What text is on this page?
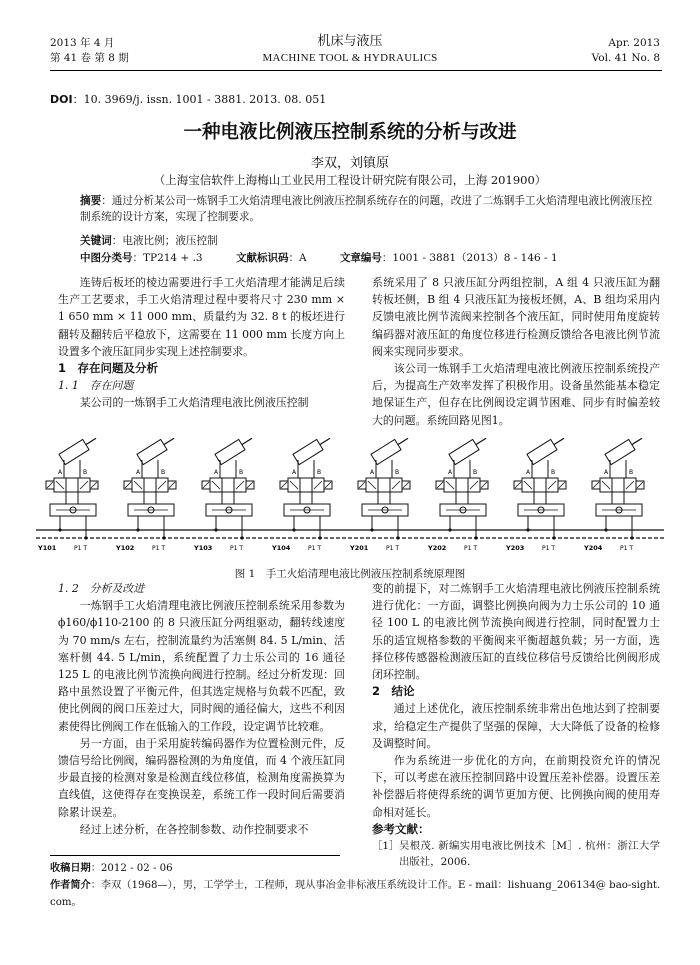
2013 年 4 月
第 41 卷 第 8 期
机床与液压
MACHINE TOOL & HYDRAULICS
Apr. 2013
Vol. 41 No. 8
DOI：10. 3969/j. issn. 1001 - 3881. 2013. 08. 051
一种电液比例液压控制系统的分析与改进
李双，刘镇原
（上海宝信软件上海梅山工业民用工程设计研究院有限公司，上海 201900）
摘要：通过分析某公司一炼钢手工火焰清理电液比例液压控制系统存在的问题，改进了二炼钢手工火焰清理电液比例液压控制系统的设计方案，实现了控制要求。
关键词：电液比例；液压控制
中图分类号：TP214 + .3	文献标识码：A	文章编号：1001 - 3881（2013）8 - 146 - 1

连铸后板坯的棱边需要进行手工火焰清理才能满足后续生产工艺要求，手工火焰清理过程中要将尺寸 230 mm × 1 650 mm × 11 000 mm、质量约为 32. 8 t 的板坯进行翻转及翻转后平稳放下，这需要在 11 000 mm 长度方向上设置多个液压缸同步实现上述控制要求。

1　存在问题及分析

1. 1　存在问题

某公司的一炼钢手工火焰清理电液比例液压控制

系统采用了 8 只液压缸分两组控制，A 组 4 只液压缸为翻转板坯侧，B 组 4 只液压缸为接板坯侧，A、B 组均采用内反馈电液比例节流阀来控制各个液压缸，同时使用角度旋转编码器对液压缸的角度位移进行检测反馈给各电液比例节流阀来实现同步要求。

该公司一炼钢手工火焰清理电液比例液压控制系统投产后，为提高生产效率发挥了积极作用。设备虽然能基本稳定地保证生产，但存在比例阀设定调节困难、同步有时偏差较大的问题。系统回路见图1。

A	B
Y101	P1 T
A	B
Y102	P1 T
A	B
Y103	P1 T
A	B
Y104	P1 T
A	B
Y201	P1 T
A	B
Y202	P1 T
A	B
Y203	P1 T
A	B
Y204	P1 T
图 1　手工火焰清理电液比例液压控制系统原理图

1. 2　分析及改进

一炼钢手工火焰清理电液比例液压控制系统采用参数为 ϕ160/ϕ110-2100 的 8 只液压缸分两组驱动，翻转线速度为 70 mm/s 左右，控制流量约为活塞侧 84. 5 L/min、活塞杆侧 44. 5 L/min，系统配置了力士乐公司的 16 通径 125 L 的电液比例节流换向阀进行控制。经过分析发现：回路中虽然设置了平衡元件，但其选定规格与负载不匹配，致使比例阀的阀口压差过大，同时阀的通径偏大，这些不利因素使得比例阀工作在低输入的工作段，设定调节比较难。

另一方面，由于采用旋转编码器作为位置检测元件，反馈信号给比例阀，编码器检测的为角度值，而 4 个液压缸同步最直接的检测对象是检测直线位移值，检测角度需换算为直线值，这使得存在变换误差，系统工作一段时间后需要消除累计误差。

经过上述分析，在各控制参数、动作控制要求不

变的前提下，对二炼钢手工火焰清理电液比例液压控制系统进行优化：一方面，调整比例换向阀为力士乐公司的 10 通径 100 L 的电液比例节流换向阀进行控制，同时配置力士乐的适宜规格参数的平衡阀来平衡超越负载；另一方面，选择位移传感器检测液压缸的直线位移信号反馈给比例阀形成闭环控制。

2　结论

通过上述优化，液压控制系统非常出色地达到了控制要求，给稳定生产提供了坚强的保障，大大降低了设备的检修及调整时间。

作为系统进一步优化的方向，在前期投资允许的情况下，可以考虑在液压控制回路中设置压差补偿器。设置压差补偿器后将使得系统的调节更加方便、比例换向阀的使用寿命相对延长。

参考文献：

［1］ 吴根茂. 新编实用电液比例技术［M］. 杭州：浙江大学出版社，2006.

收稿日期：2012 - 02 - 06
作者简介：李双（1968—），男，工学学士，工程师，现从事冶金非标液压系统设计工作。E - mail：lishuang_206134@ bao-sight. com。
